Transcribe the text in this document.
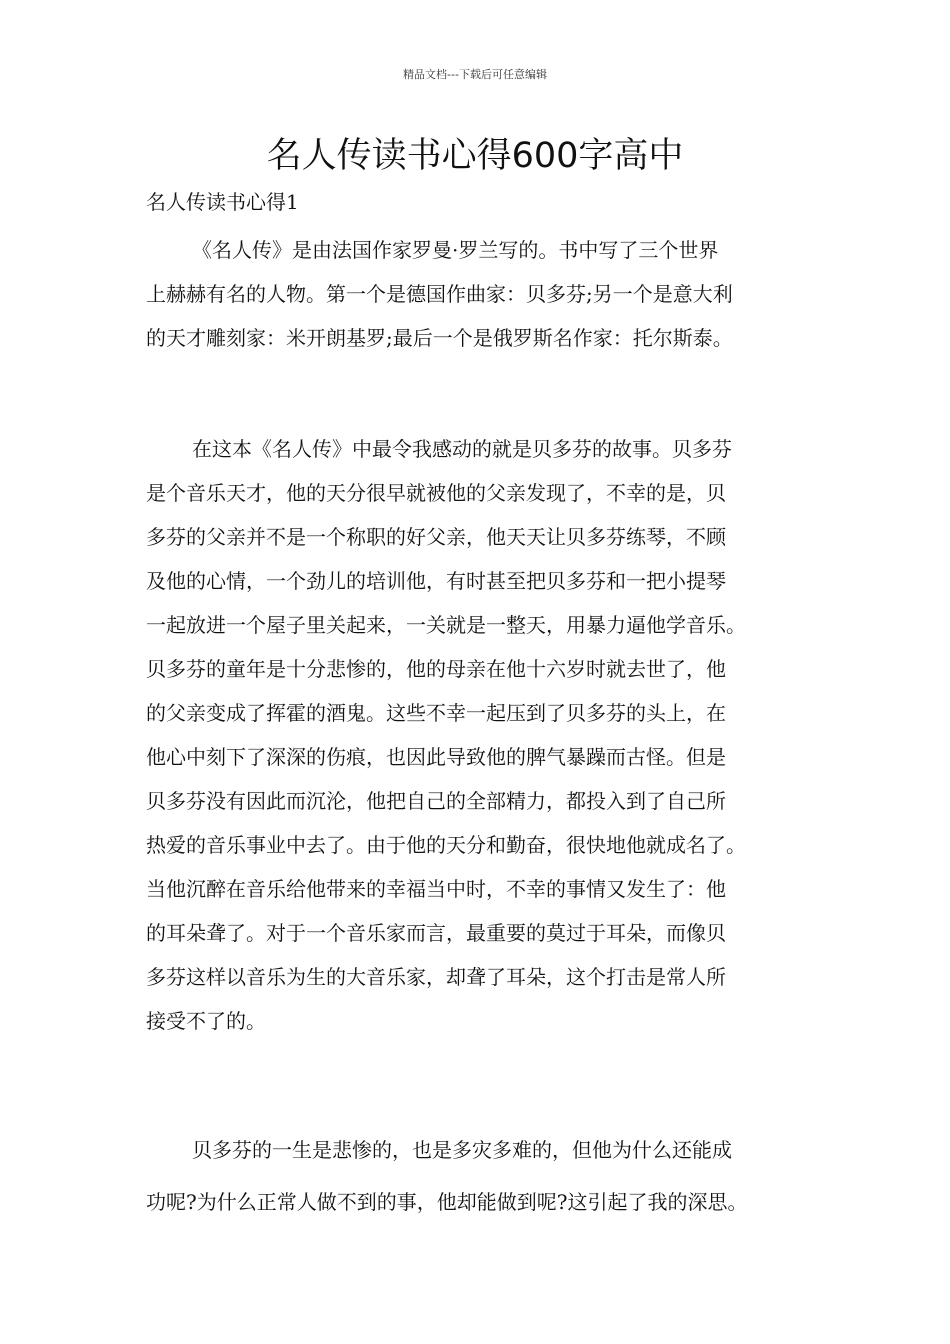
精品文档---下载后可任意编辑
名人传读书心得600字高中
名人传读书心得1
《名人传》是由法国作家罗曼·罗兰写的。书中写了三个世界
上赫赫有名的人物。第一个是德国作曲家：贝多芬;另一个是意大利
的天才雕刻家：米开朗基罗;最后一个是俄罗斯名作家：托尔斯泰。
在这本《名人传》中最令我感动的就是贝多芬的故事。贝多芬
是个音乐天才，他的天分很早就被他的父亲发现了，不幸的是，贝
多芬的父亲并不是一个称职的好父亲，他天天让贝多芬练琴，不顾
及他的心情，一个劲儿的培训他，有时甚至把贝多芬和一把小提琴
一起放进一个屋子里关起来，一关就是一整天，用暴力逼他学音乐。
贝多芬的童年是十分悲惨的，他的母亲在他十六岁时就去世了，他
的父亲变成了挥霍的酒鬼。这些不幸一起压到了贝多芬的头上，在
他心中刻下了深深的伤痕，也因此导致他的脾气暴躁而古怪。但是
贝多芬没有因此而沉沦，他把自己的全部精力，都投入到了自己所
热爱的音乐事业中去了。由于他的天分和勤奋，很快地他就成名了。
当他沉醉在音乐给他带来的幸福当中时，不幸的事情又发生了：他
的耳朵聋了。对于一个音乐家而言，最重要的莫过于耳朵，而像贝
多芬这样以音乐为生的大音乐家，却聋了耳朵，这个打击是常人所
接受不了的。
贝多芬的一生是悲惨的，也是多灾多难的，但他为什么还能成
功呢?为什么正常人做不到的事，他却能做到呢?这引起了我的深思。
